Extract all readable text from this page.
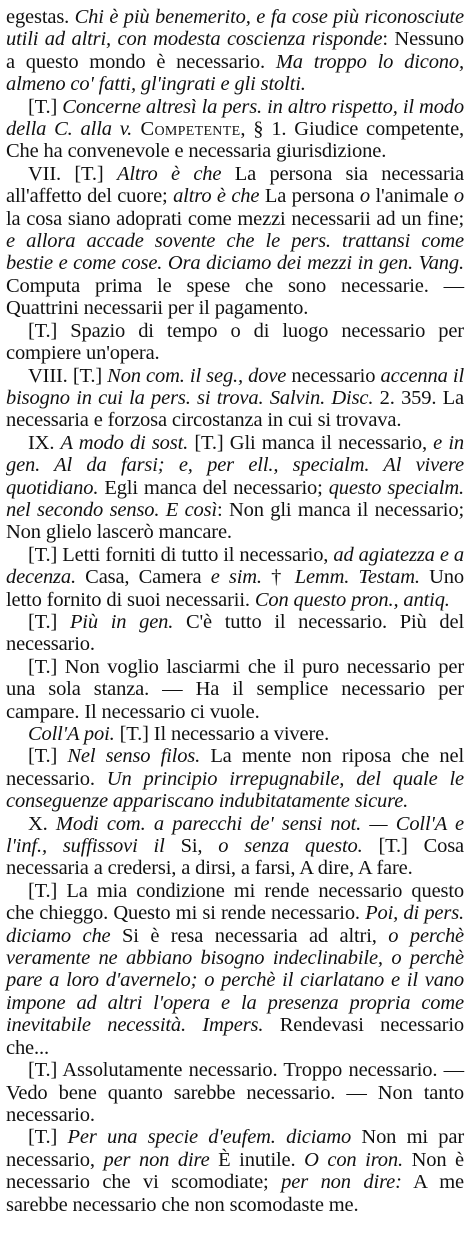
egestas. Chi è più benemerito, e fa cose più riconosciute utili ad altri, con modesta coscienza risponde: Nessuno a questo mondo è necessario. Ma troppo lo dicono, almeno co' fatti, gl'ingrati e gli stolti.

[T.] Concerne altresì la pers. in altro rispetto, il modo della C. alla v. Competente, § 1. Giudice competente, Che ha convenevole e necessaria giurisdizione.

VII. [T.] Altro è che La persona sia necessaria all'affetto del cuore; altro è che La persona o l'animale o la cosa siano adoprati come mezzi necessarii ad un fine; e allora accade sovente che le pers. trattansi come bestie e come cose. Ora diciamo dei mezzi in gen. Vang. Computa prima le spese che sono necessarie. — Quattrini necessarii per il pagamento.

[T.] Spazio di tempo o di luogo necessario per compiere un'opera.

VIII. [T.] Non com. il seg., dove necessario accenna il bisogno in cui la pers. si trova. Salvin. Disc. 2. 359. La necessaria e forzosa circostanza in cui si trovava.

IX. A modo di sost. [T.] Gli manca il necessario, e in gen. Al da farsi; e, per ell., specialm. Al vivere quotidiano. Egli manca del necessario; questo specialm. nel secondo senso. E così: Non gli manca il necessario; Non glielo lascerò mancare.

[T.] Letti forniti di tutto il necessario, ad agiatezza e a decenza. Casa, Camera e sim. † Lemm. Testam. Uno letto fornito di suoi necessarii. Con questo pron., antiq.

[T.] Più in gen. C'è tutto il necessario. Più del necessario.

[T.] Non voglio lasciarmi che il puro necessario per una sola stanza. — Ha il semplice necessario per campare. Il necessario ci vuole.

Coll'A poi. [T.] Il necessario a vivere.

[T.] Nel senso filos. La mente non riposa che nel necessario. Un principio irrepugnabile, del quale le conseguenze appariscano indubitatamente sicure.

X. Modi com. a parecchi de' sensi not. — Coll'A e l'inf., suffissovi il Si, o senza questo. [T.] Cosa necessaria a credersi, a dirsi, a farsi, A dire, A fare.

[T.] La mia condizione mi rende necessario questo che chieggo. Questo mi si rende necessario. Poi, di pers. diciamo che Si è resa necessaria ad altri, o perchè veramente ne abbiano bisogno indeclinabile, o perchè pare a loro d'avernelo; o perchè il ciarlatano e il vano impone ad altri l'opera e la presenza propria come inevitabile necessità. Impers. Rendevasi necessario che...

[T.] Assolutamente necessario. Troppo necessario. — Vedo bene quanto sarebbe necessario. — Non tanto necessario.

[T.] Per una specie d'eufem. diciamo Non mi par necessario, per non dire È inutile. O con iron. Non è necessario che vi scomodiate; per non dire: A me sarebbe necessario che non scomodaste me.
